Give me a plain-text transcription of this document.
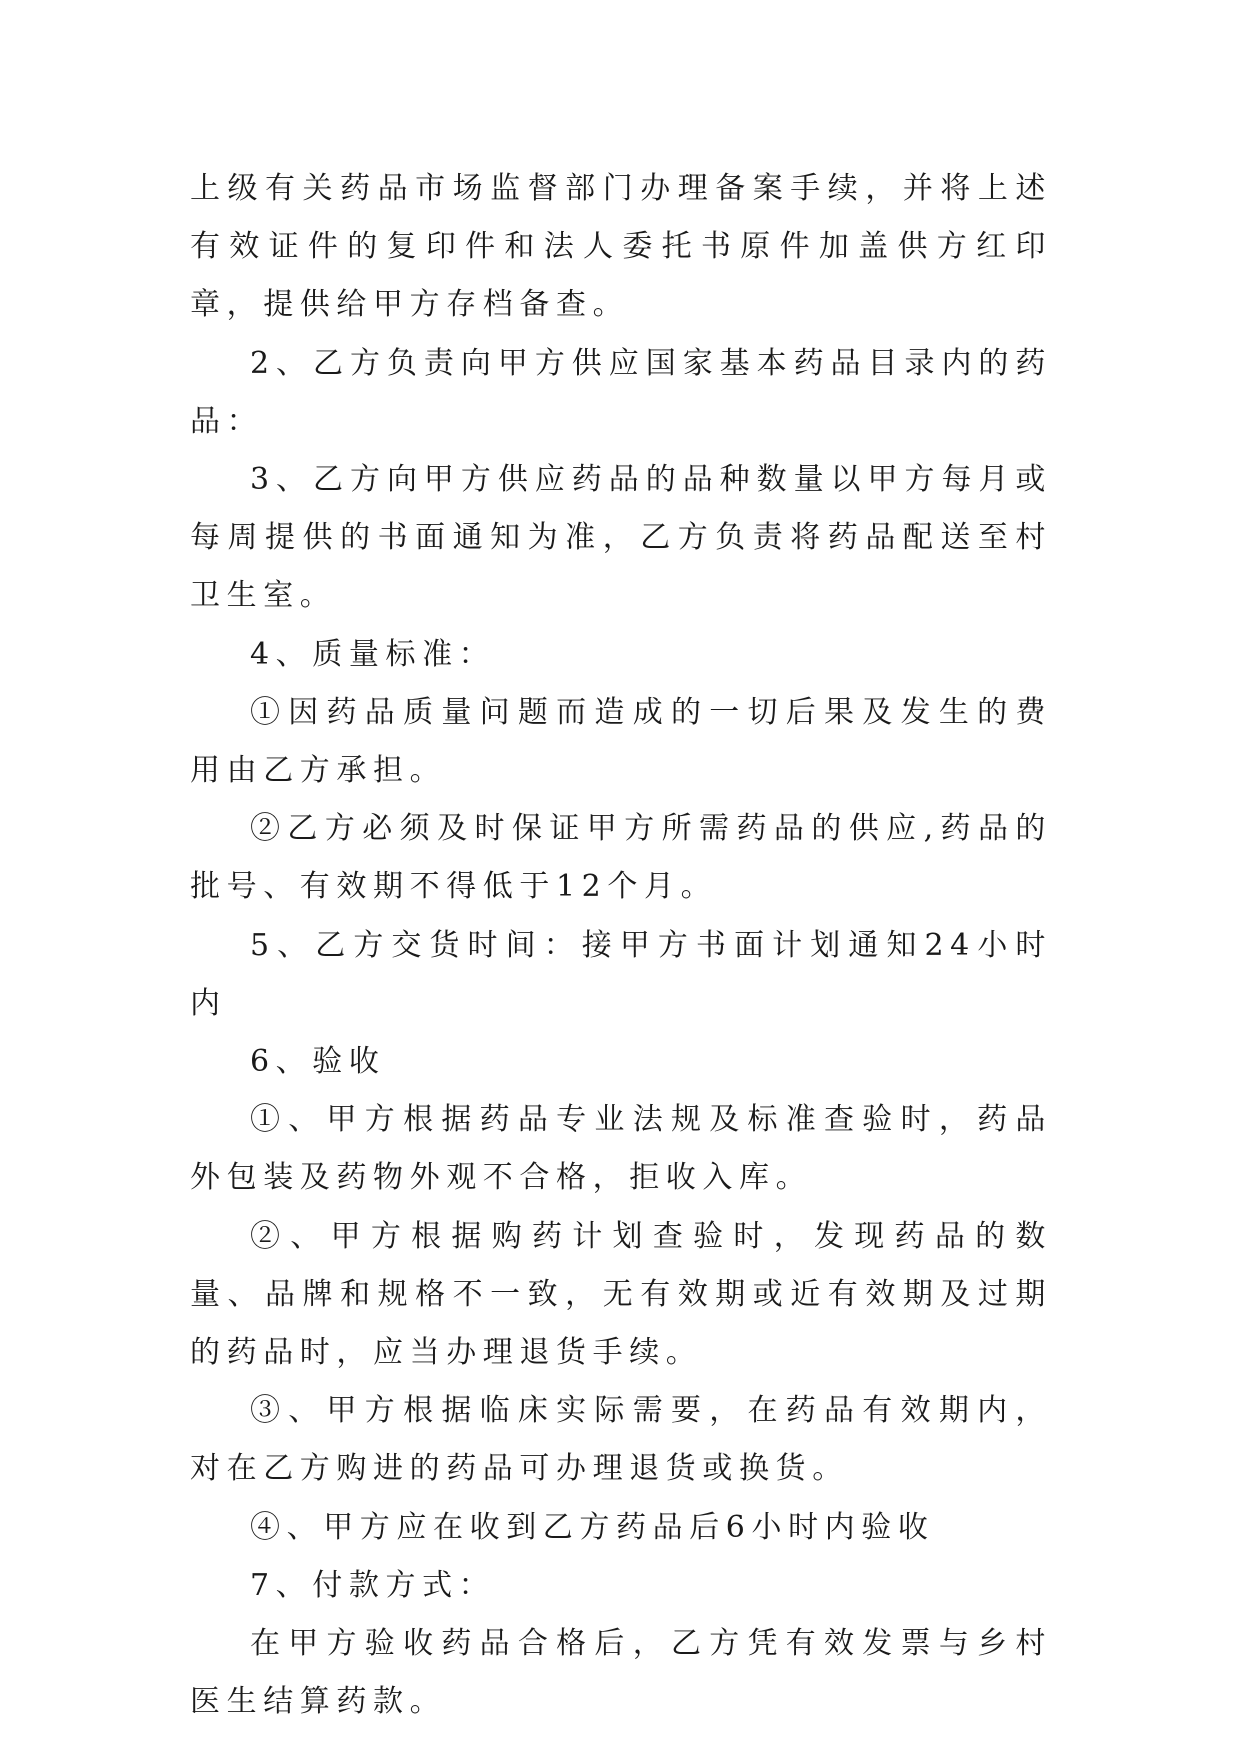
上级有关药品市场监督部门办理备案手续，并将上述有效证件的复印件和法人委托书原件加盖供方红印章，提供给甲方存档备查。

2、乙方负责向甲方供应国家基本药品目录内的药品：

3、乙方向甲方供应药品的品种数量以甲方每月或每周提供的书面通知为准，乙方负责将药品配送至村卫生室。

4、质量标准：

①因药品质量问题而造成的一切后果及发生的费用由乙方承担。

②乙方必须及时保证甲方所需药品的供应,药品的批号、有效期不得低于12个月。

5、乙方交货时间：接甲方书面计划通知24小时内

6、验收

①、甲方根据药品专业法规及标准查验时，药品外包装及药物外观不合格，拒收入库。

②、甲方根据购药计划查验时，发现药品的数量、品牌和规格不一致，无有效期或近有效期及过期的药品时，应当办理退货手续。

③、甲方根据临床实际需要，在药品有效期内，对在乙方购进的药品可办理退货或换货。

④、甲方应在收到乙方药品后6小时内验收

7、付款方式：

在甲方验收药品合格后，乙方凭有效发票与乡村医生结算药款。
